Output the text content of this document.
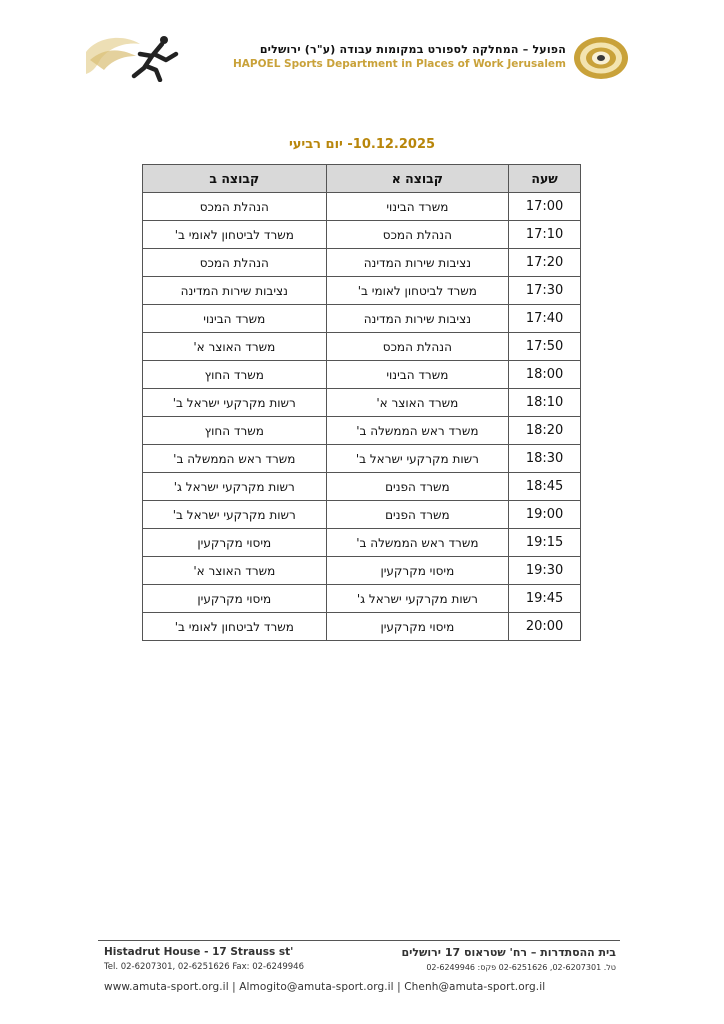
הפועל – המחלקה לספורט במקומות עבודה (ע"ר) ירושלים
HAPOEL Sports Department in Places of Work Jerusalem
10.12.2025- יום רביעי
שעה	קבוצה א	קבוצה ב
17:00	משרד הבינוי	הנהלת המכס
17:10	הנהלת המכס	משרד לביטחון לאומי ב'
17:20	נציבות שירות המדינה	הנהלת המכס
17:30	משרד לביטחון לאומי ב'	נציבות שירות המדינה
17:40	נציבות שירות המדינה	משרד הבינוי
17:50	הנהלת המכס	משרד האוצר א'
18:00	משרד הבינוי	משרד החוץ
18:10	משרד האוצר א'	רשות מקרקעי ישראל ב'
18:20	משרד ראש הממשלה ב'	משרד החוץ
18:30	רשות מקרקעי ישראל ב'	משרד ראש הממשלה ב'
18:45	משרד הפנים	רשות מקרקעי ישראל ג'
19:00	משרד הפנים	רשות מקרקעי ישראל ב'
19:15	משרד ראש הממשלה ב'	מיסוי מקרקעין
19:30	מיסוי מקרקעין	משרד האוצר א'
19:45	רשות מקרקעי ישראל ג'	מיסוי מקרקעין
20:00	מיסוי מקרקעין	משרד לביטחון לאומי ב'
Histadrut House - 17 Strauss st'
Tel. 02-6207301, 02-6251626 Fax: 02-6249946
בית ההסתדרות – רח' שטראוס 17 ירושלים
טל. 02-6207301, 02-6251626 פקס: 02-6249946
www.amuta-sport.org.il | Almogito@amuta-sport.org.il | Chenh@amuta-sport.org.il
